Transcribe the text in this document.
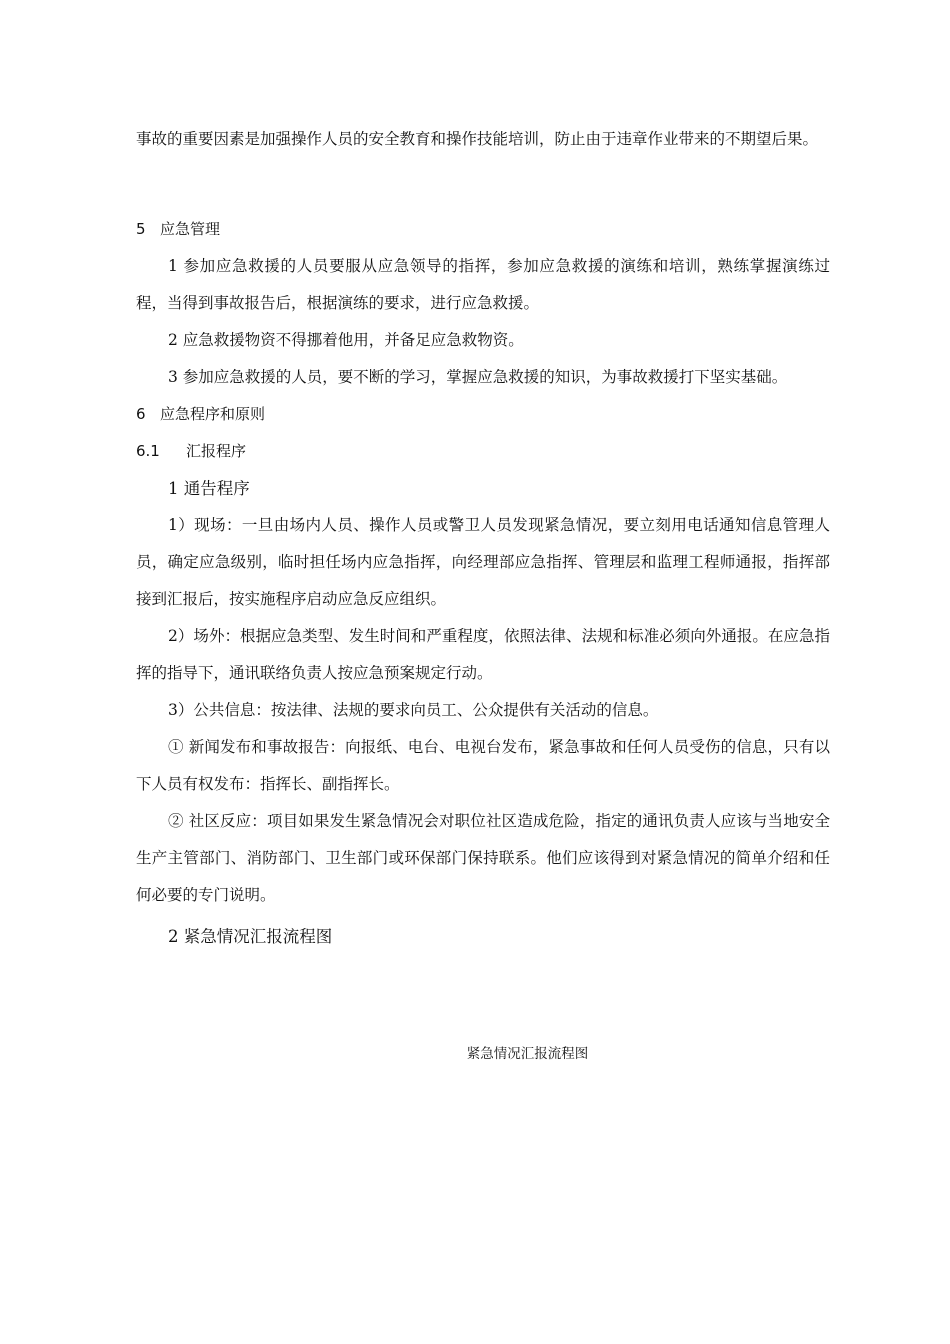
事故的重要因素是加强操作人员的安全教育和操作技能培训，防止由于违章作业带来的不期望后果。

5 应急管理

1 参加应急救援的人员要服从应急领导的指挥，参加应急救援的演练和培训，熟练掌握演练过程，当得到事故报告后，根据演练的要求，进行应急救援。

2 应急救援物资不得挪着他用，并备足应急救物资。

3 参加应急救援的人员，要不断的学习，掌握应急救援的知识，为事故救援打下坚实基础。

6 应急程序和原则
6.1 汇报程序

1 通告程序

1）现场：一旦由场内人员、操作人员或警卫人员发现紧急情况，要立刻用电话通知信息管理人员，确定应急级别，临时担任场内应急指挥，向经理部应急指挥、管理层和监理工程师通报，指挥部接到汇报后，按实施程序启动应急反应组织。

2）场外：根据应急类型、发生时间和严重程度，依照法律、法规和标准必须向外通报。在应急指挥的指导下，通讯联络负责人按应急预案规定行动。

3）公共信息：按法律、法规的要求向员工、公众提供有关活动的信息。

① 新闻发布和事故报告：向报纸、电台、电视台发布，紧急事故和任何人员受伤的信息，只有以下人员有权发布：指挥长、副指挥长。

② 社区反应：项目如果发生紧急情况会对职位社区造成危险，指定的通讯负责人应该与当地安全生产主管部门、消防部门、卫生部门或环保部门保持联系。他们应该得到对紧急情况的简单介绍和任何必要的专门说明。

2 紧急情况汇报流程图

紧急情况汇报流程图
